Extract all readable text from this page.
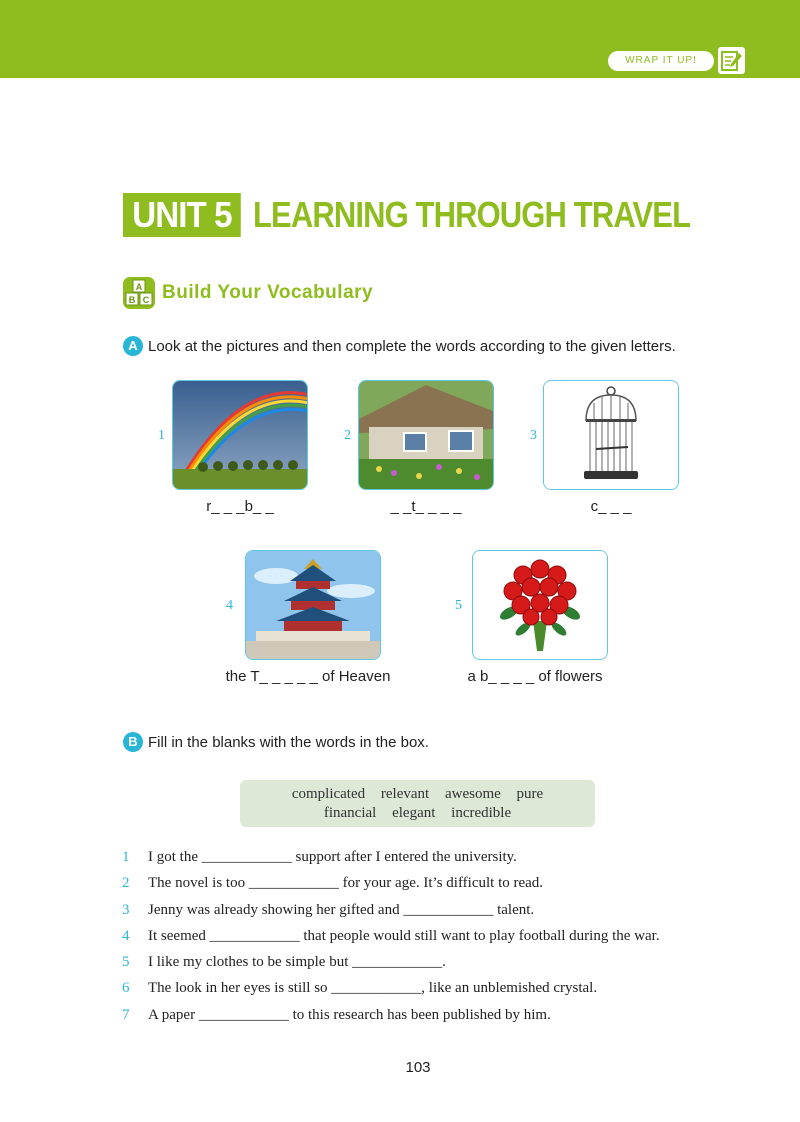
WRAP IT UP!
UNIT 5 LEARNING THROUGH TRAVEL
A
B C Build Your Vocabulary
A Look at the pictures and then complete the words according to the given letters.
1
r_ _ _b_ _
2
_ _t_ _ _ _
3
c_ _ _
4
the T_ _ _ _ _ of Heaven
5
a b_ _ _ _ of flowers
B Fill in the blanks with the words in the box.
complicated relevant awesome pure
financial elegant incredible
1 I got the ____________ support after I entered the university.
2 The novel is too ____________ for your age. It’s difficult to read.
3 Jenny was already showing her gifted and ____________ talent.
4 It seemed ____________ that people would still want to play football during the war.
5 I like my clothes to be simple but ____________.
6 The look in her eyes is still so ____________, like an unblemished crystal.
7 A paper ____________ to this research has been published by him.
103
